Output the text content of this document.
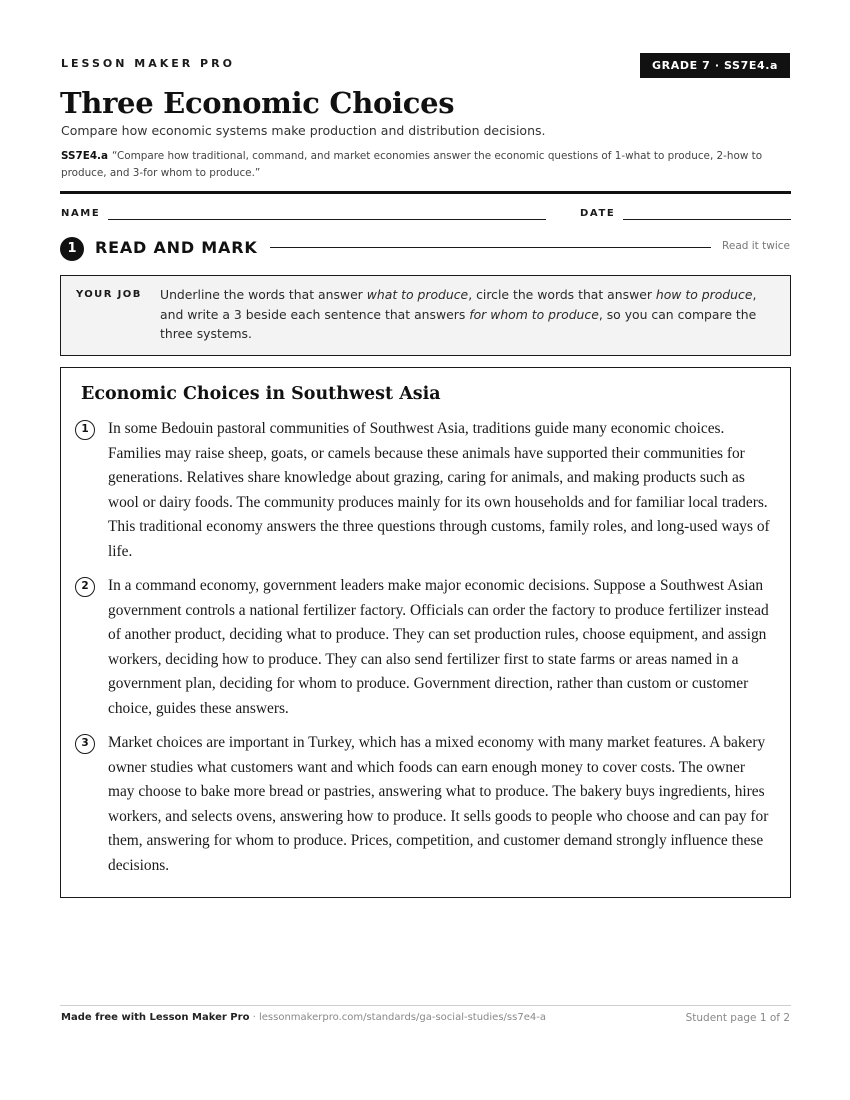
LESSON MAKER PRO	GRADE 7 · SS7E4.a
Three Economic Choices
Compare how economic systems make production and distribution decisions.
SS7E4.a “Compare how traditional, command, and market economies answer the economic questions of 1-what to produce, 2-how to produce, and 3-for whom to produce.”
NAME	DATE
1	READ AND MARK	Read it twice
YOUR JOB Underline the words that answer what to produce, circle the words that answer how to produce, and write a 3 beside each sentence that answers for whom to produce, so you can compare the three systems.
Economic Choices in Southwest Asia
1	In some Bedouin pastoral communities of Southwest Asia, traditions guide many economic choices. Families may raise sheep, goats, or camels because these animals have supported their communities for generations. Relatives share knowledge about grazing, caring for animals, and making products such as wool or dairy foods. The community produces mainly for its own households and for familiar local traders. This traditional economy answers the three questions through customs, family roles, and long-used ways of life.

2	In a command economy, government leaders make major economic decisions. Suppose a Southwest Asian government controls a national fertilizer factory. Officials can order the factory to produce fertilizer instead of another product, deciding what to produce. They can set production rules, choose equipment, and assign workers, deciding how to produce. They can also send fertilizer first to state farms or areas named in a government plan, deciding for whom to produce. Government direction, rather than custom or customer choice, guides these answers.

3	Market choices are important in Turkey, which has a mixed economy with many market features. A bakery owner studies what customers want and which foods can earn enough money to cover costs. The owner may choose to bake more bread or pastries, answering what to produce. The bakery buys ingredients, hires workers, and selects ovens, answering how to produce. It sells goods to people who choose and can pay for them, answering for whom to produce. Prices, competition, and customer demand strongly influence these decisions.

Made free with Lesson Maker Pro · lessonmakerpro.com/standards/ga-social-studies/ss7e4-a	Student page 1 of 2
